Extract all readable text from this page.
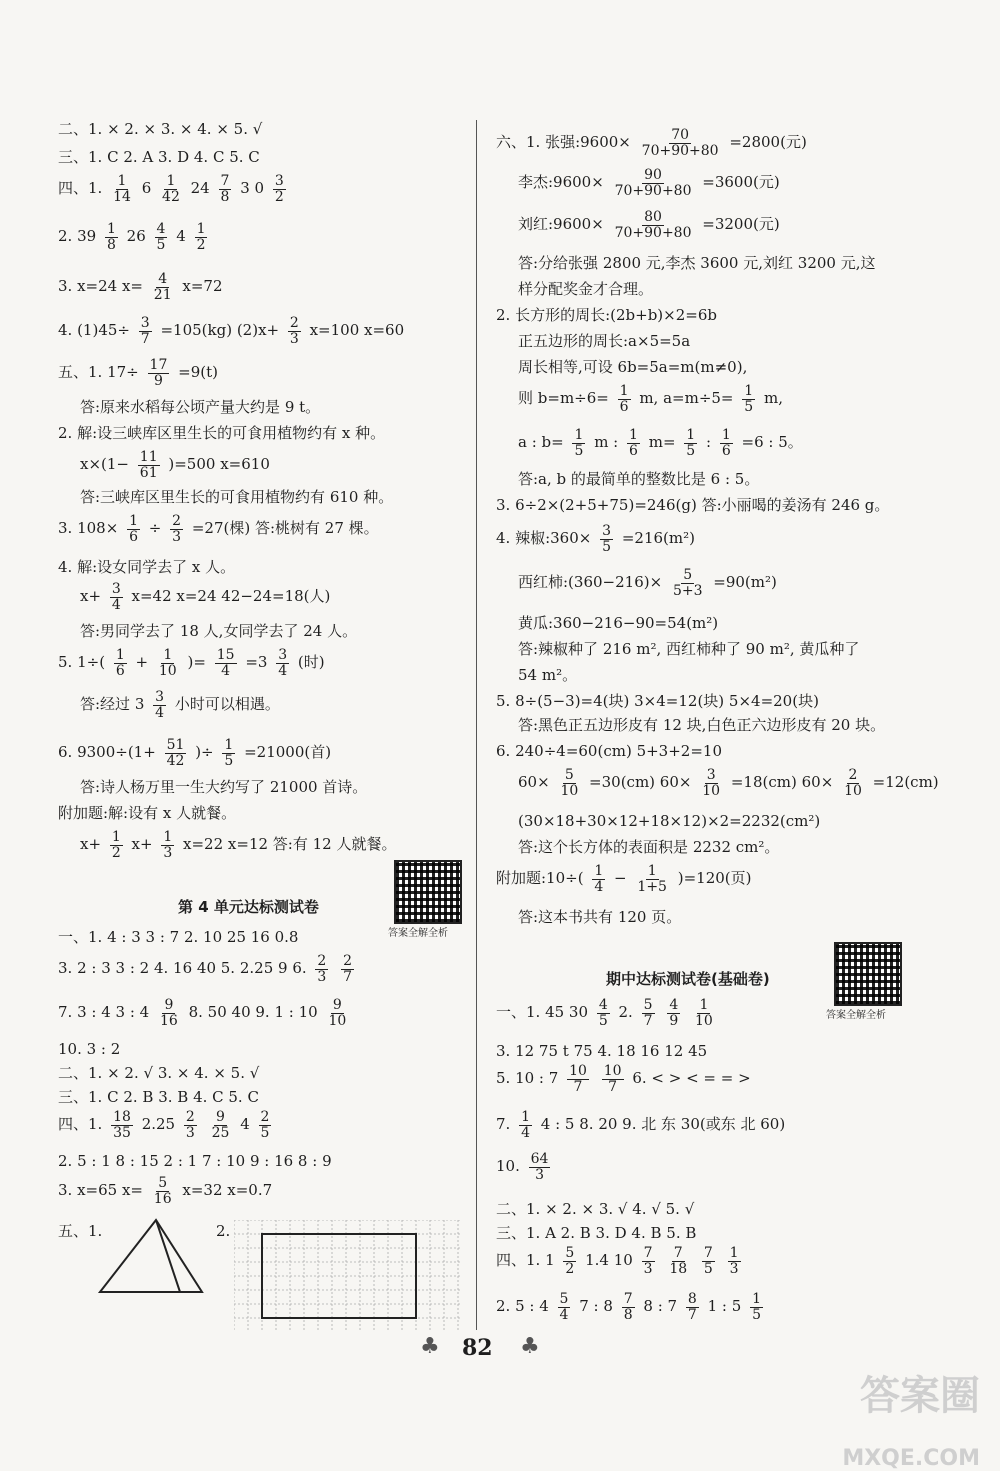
二、1. × 2. × 3. × 4. × 5. √
三、1. C 2. A 3. D 4. C 5. C
四、1. $\frac{1}{14} 6 \frac{1}{42} 24 \frac{7}{8} 3$ $0 \frac{3}{2}$
2. $39 \frac{1}{8} 26 \frac{4}{5} 4 \frac{1}{2}$
3. x=24 $x= \frac{4}{21} x=72$
4. $(1)45\div \frac{3}{7} =105(kg)$ $(2)x+ \frac{2}{3} x=100$ x=60
五、1. $17\div \frac{17}{9} =9(t)$
答:原来水稻每公顷产量大约是 9 t。
2. 解:设三峡库区里生长的可食用植物约有 x 种。
$x\times(1- \frac{11}{61} )=500$ x=610
答:三峡库区里生长的可食用植物约有 610 种。
3. $108\times \frac{1}{6} \div \frac{2}{3} =27$(棵) 答:桃树有 27 棵。
4. 解:设女同学去了 x 人。
$x+ \frac{3}{4} x=42$ x=24 42−24=18(人)
答:男同学去了 18 人,女同学去了 24 人。
5. $1\div( \frac{1}{6} + \frac{1}{10}$ )= $\frac{15}{4} =3 \frac{3}{4}$ (时)
答:经过 $3 \frac{3}{4}$ 小时可以相遇。
6. $9300\div(1+ \frac{51}{42}$ )÷ $\frac{1}{5} =21000$(首)
答:诗人杨万里一生大约写了 21000 首诗。
附加题:解:设有 x 人就餐。
$x+ \frac{1}{2} x+ \frac{1}{3} x=22$ x=12 答:有 12 人就餐。
第 4 单元达标测试卷
答案全解全析
一、1. 4 : 3 3 : 7 2. 10 25 16 0.8
3. 2 : 3 3 : 2 4. 16 40 5. 2.25 9 6. $\frac{2}{3}$
$\frac{2}{7}$
7. 3 : 4 3 : $4 \frac{9}{16} 8$. 50 40 9. 1 : $10 \frac{9}{10}$
10. 3 : 2
二、1. × 2. √ 3. × 4. × 5. √
三、1. C 2. B 3. B 4. C 5. C
四、1. $\frac{18}{35} 2.25 \frac{2}{3}$
$\frac{9}{25} 4 \frac{2}{5}$
2. 5 : 1 8 : 15 2 : 1 7 : 10 9 : 16 8 : 9
3. x=65 $x= \frac{5}{16} x=32$ x=0.7
五、1.	2.
六、1. 张强:9600× $\frac{70}{70+90+80} =2800$(元)
李杰:9600× $\frac{90}{70+90+80} =3600$(元)
刘红:9600× $\frac{80}{70+90+80} =3200$(元)
答:分给张强 2800 元,李杰 3600 元,刘红 3200 元,这
样分配奖金才合理。
2. 长方形的周长:(2b+b)×2=6b
正五边形的周长:a×5=5a
周长相等,可设 6b=5a=m(m≠0),
则 $b=m\div 6= \frac{1}{6} m$, $a=m\div 5= \frac{1}{5} m$,
a : $b= \frac{1}{5}$ m : $\frac{1}{6} m= \frac{1}{5}$ : $\frac{1}{6} =6$ : 5。
答:a, b 的最简单的整数比是 6 : 5。
3. 6÷2×(2+5+75)=246(g) 答:小丽喝的姜汤有 246 g。
4. 辣椒:360× $\frac{3}{5} =216(m^2)$
西红柿:(360−216)× $\frac{5}{5+3} =90(m^2)$
黄瓜:360−216−90=54(m²)
答:辣椒种了 216 m², 西红柿种了 90 m², 黄瓜种了
54 m²。
5. 8÷(5−3)=4(块) 3×4=12(块) 5×4=20(块)
答:黑色正五边形皮有 12 块,白色正六边形皮有 20 块。
6. 240÷4=60(cm) 5+3+2=10
$60\times \frac{5}{10} =30(cm)$ $60\times \frac{3}{10} =18(cm)$ $60\times \frac{2}{10} =12(cm)$
(30×18+30×12+18×12)×2=2232(cm²)
答:这个长方体的表面积是 2232 cm²。
附加题:10÷( $\frac{1}{4} - \frac{1}{1+5} )=120$(页)
答:这本书共有 120 页。
期中达标测试卷(基础卷)
答案全解全析
一、1. 45 $30 \frac{4}{5} 2$. $\frac{5}{7}$
$\frac{4}{9}$
$\frac{1}{10}$
3. 12 75 t 75 4. 18 16 12 45
5. 10 : $7 \frac{10}{7}$
$\frac{10}{7} 6$. < > < = = >
7. $\frac{1}{4} 4$ : 5 8. 20 9. 北 东 30(或东 北 60)
10. $\frac{64}{3}$
二、1. × 2. × 3. √ 4. √ 5. √
三、1. A 2. B 3. D 4. B 5. B
四、1. $1 \frac{5}{2} 1.4$ $10 \frac{7}{3}$
$\frac{7}{18}$
$\frac{7}{5}$
$\frac{1}{3}$
2. 5 : $4 \frac{5}{4} 7$ : $8 \frac{7}{8} 8$ : $7 \frac{8}{7} 1$ : $5 \frac{1}{5}$
♣ 82 ♣
答案圈
MXQE.COM
